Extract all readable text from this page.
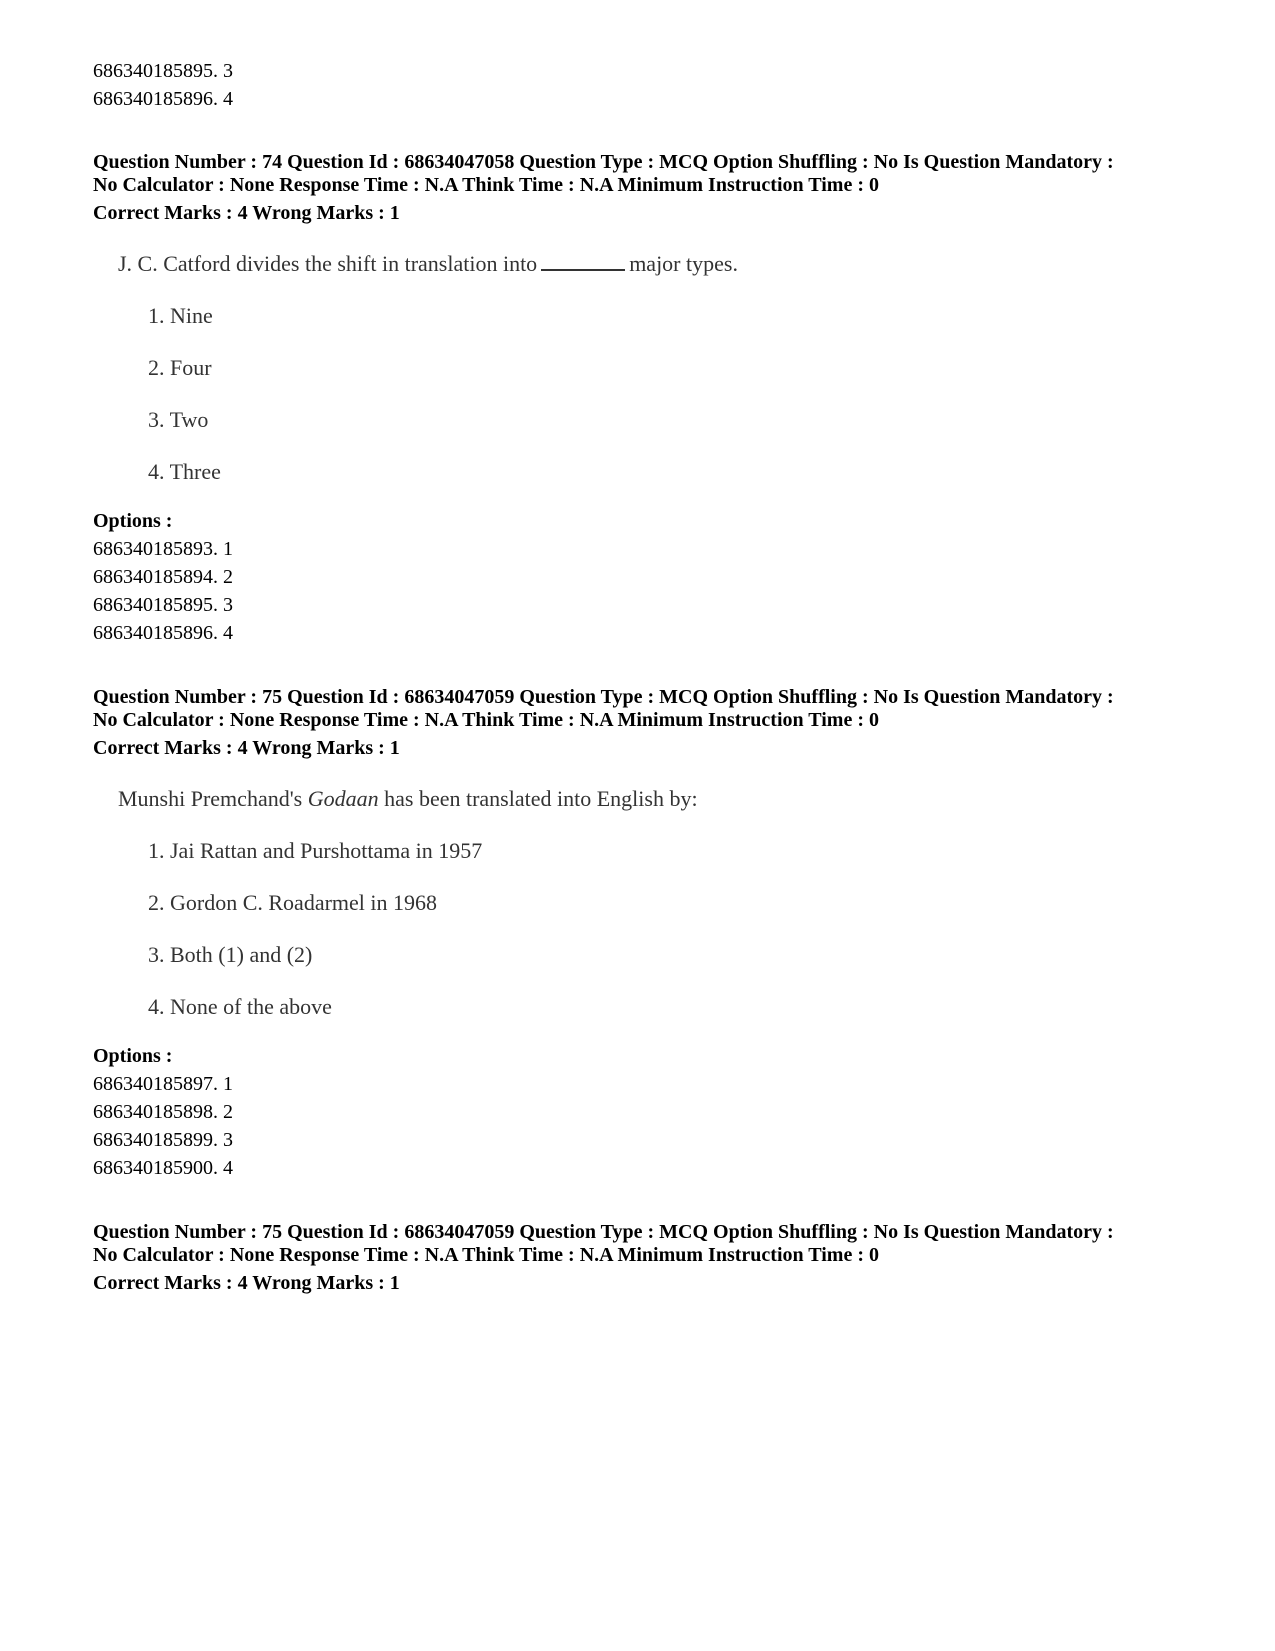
686340185895. 3
686340185896. 4
Question Number : 74 Question Id : 68634047058 Question Type : MCQ Option Shuffling : No Is Question Mandatory :
No Calculator : None Response Time : N.A Think Time : N.A Minimum Instruction Time : 0
Correct Marks : 4 Wrong Marks : 1
J. C. Catford divides the shift in translation into	major types.
1. Nine
2. Four
3. Two
4. Three
Options :
686340185893. 1
686340185894. 2
686340185895. 3
686340185896. 4
Question Number : 75 Question Id : 68634047059 Question Type : MCQ Option Shuffling : No Is Question Mandatory :
No Calculator : None Response Time : N.A Think Time : N.A Minimum Instruction Time : 0
Correct Marks : 4 Wrong Marks : 1
Munshi Premchand's Godaan has been translated into English by:
1. Jai Rattan and Purshottama in 1957
2. Gordon C. Roadarmel in 1968
3. Both (1) and (2)
4. None of the above
Options :
686340185897. 1
686340185898. 2
686340185899. 3
686340185900. 4
Question Number : 75 Question Id : 68634047059 Question Type : MCQ Option Shuffling : No Is Question Mandatory :
No Calculator : None Response Time : N.A Think Time : N.A Minimum Instruction Time : 0
Correct Marks : 4 Wrong Marks : 1
